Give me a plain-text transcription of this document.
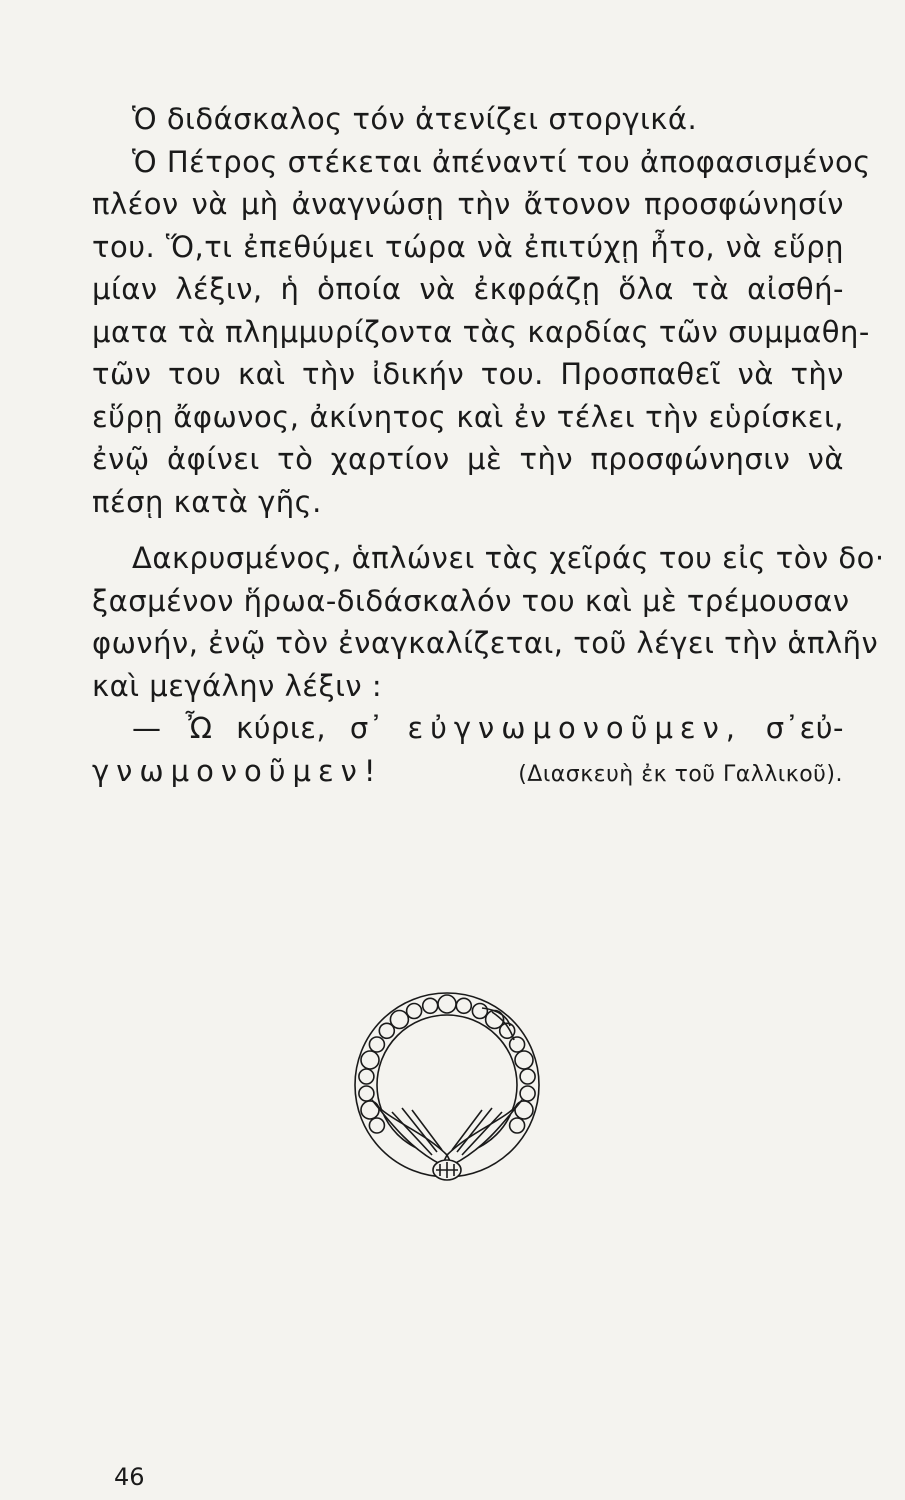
Ὁ διδάσκαλος τόν ἀτενίζει στοργικά.
Ὁ Πέτρος στέκεται ἀπέναντί του ἀποφασισμένος
πλέον νὰ μὴ ἀναγνώσῃ τὴν ἄτονον προσφώνησίν
του. Ὅ,τι ἐπεθύμει τώρα νὰ ἐπιτύχῃ ἦτο, νὰ εὕρῃ
μίαν λέξιν, ἡ ὁποία νὰ ἐκφράζῃ ὅλα τὰ αἰσθή-
ματα τὰ πλημμυρίζοντα τὰς καρδίας τῶν συμμαθη-
τῶν του καὶ τὴν ἰδικήν του. Προσπαθεῖ νὰ τὴν
εὕρῃ ἄφωνος, ἀκίνητος καὶ ἐν τέλει τὴν εὑρίσκει,
ἐνῷ ἀφίνει τὸ χαρτίον μὲ τὴν προσφώνησιν νὰ
πέσῃ κατὰ γῆς.
Δακρυσμένος, ἁπλώνει τὰς χεῖράς του εἰς τὸν δο·
ξασμένον ἥρωα-διδάσκαλόν του καὶ μὲ τρέμουσαν
φωνήν, ἐνῷ τὸν ἐναγκαλίζεται, τοῦ λέγει τὴν ἁπλῆν
καὶ μεγάλην λέξιν :
— Ὦ κύριε, σ᾿ εὐγνωμονοῦμεν, σ᾿εὐ-
γνωμονοῦμεν!	(Διασκευὴ ἐκ τοῦ Γαλλικοῦ).
46
